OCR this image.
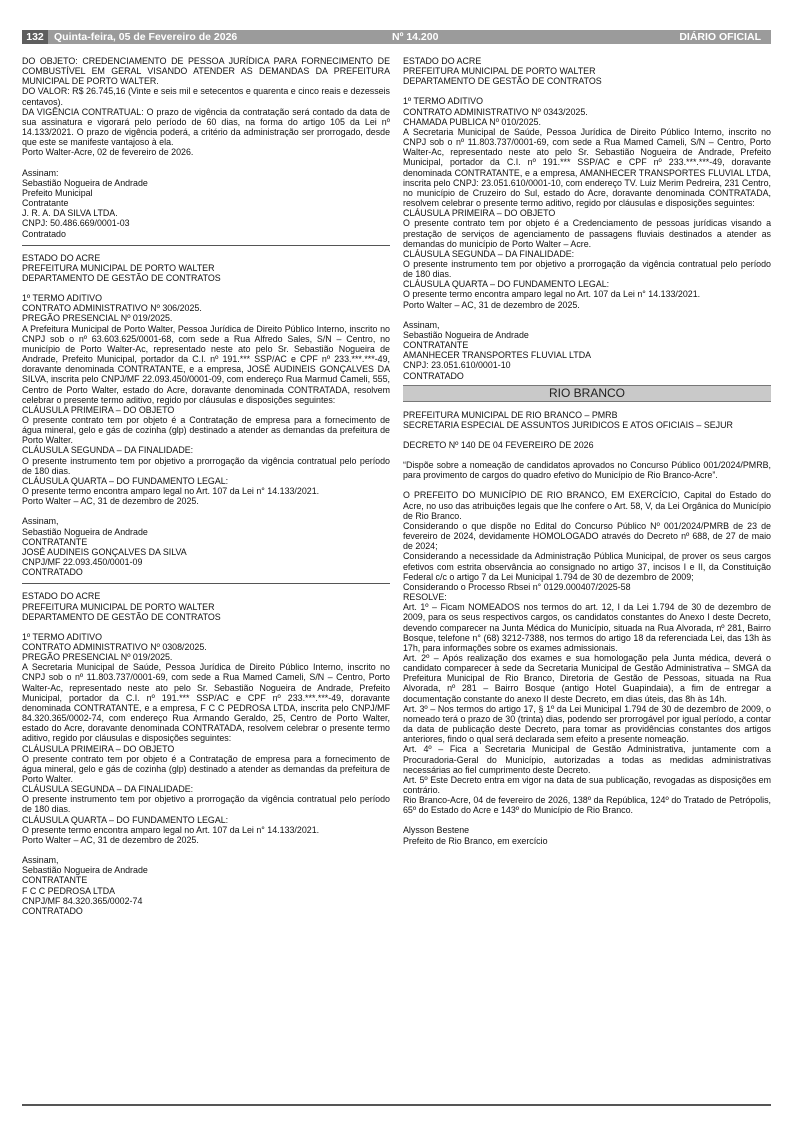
132 Quinta-feira, 05 de Fevereiro de 2026	Nº 14.200	DIÁRIO OFICIAL

DO OBJETO: CREDENCIAMENTO DE PESSOA JURÍDICA PARA FORNECIMENTO DE COMBUSTÍVEL EM GERAL VISANDO ATENDER AS DEMANDAS DA PREFEITURA MUNICIPAL DE PORTO WALTER.

DO VALOR: R$ 26.745,16 (Vinte e seis mil e setecentos e quarenta e cinco reais e dezesseis centavos).

DA VIGÊNCIA CONTRATUAL: O prazo de vigência da contratação será contado da data de sua assinatura e vigorará pelo período de 60 dias, na forma do artigo 105 da Lei nº 14.133/2021. O prazo de vigência poderá, a critério da administração ser prorrogado, desde que este se manifeste vantajoso à ela.

Porto Walter-Acre, 02 de fevereiro de 2026.

Assinam:

Sebastião Nogueira de Andrade

Prefeito Municipal

Contratante

J. R. A. DA SILVA LTDA.

CNPJ: 50.486.669/0001-03

Contratado

ESTADO DO ACRE

PREFEITURA MUNICIPAL DE PORTO WALTER

DEPARTAMENTO DE GESTÃO DE CONTRATOS

1º TERMO ADITIVO

CONTRATO ADMINISTRATIVO Nº 306/2025.

PREGÃO PRESENCIAL Nº 019/2025.

A Prefeitura Municipal de Porto Walter, Pessoa Jurídica de Direito Público Interno, inscrito no CNPJ sob o nº 63.603.625/0001-68, com sede a Rua Alfredo Sales, S/N – Centro, no município de Porto Walter-Ac, representado neste ato pelo Sr. Sebastião Nogueira de Andrade, Prefeito Municipal, portador da C.I. nº 191.*** SSP/AC e CPF nº 233.***.***-49, doravante denominada CONTRATANTE, e a empresa, JOSÉ AUDINEIS GONÇALVES DA SILVA, inscrita pelo CNPJ/MF 22.093.450/0001-09, com endereço Rua Marmud Cameli, 555, Centro de Porto Walter, estado do Acre, doravante denominada CONTRATADA, resolvem celebrar o presente termo aditivo, regido por cláusulas e disposições seguintes:

CLÁUSULA PRIMEIRA – DO OBJETO

O presente contrato tem por objeto é a Contratação de empresa para a fornecimento de água mineral, gelo e gás de cozinha (glp) destinado a atender as demandas da prefeitura de Porto Walter.

CLÁUSULA SEGUNDA – DA FINALIDADE:

O presente instrumento tem por objetivo a prorrogação da vigência contratual pelo período de 180 dias.

CLÁUSULA QUARTA – DO FUNDAMENTO LEGAL:

O presente termo encontra amparo legal no Art. 107 da Lei n° 14.133/2021.

Porto Walter – AC, 31 de dezembro de 2025.

Assinam,

Sebastião Nogueira de Andrade

CONTRATANTE

JOSÉ AUDINEIS GONÇALVES DA SILVA

CNPJ/MF 22.093.450/0001-09

CONTRATADO

ESTADO DO ACRE

PREFEITURA MUNICIPAL DE PORTO WALTER

DEPARTAMENTO DE GESTÃO DE CONTRATOS

1º TERMO ADITIVO

CONTRATO ADMINISTRATIVO Nº 0308/2025.

PREGÃO PRESENCIAL Nº 019/2025.

A Secretaria Municipal de Saúde, Pessoa Jurídica de Direito Público Interno, inscrito no CNPJ sob o nº 11.803.737/0001-69, com sede a Rua Mamed Cameli, S/N – Centro, Porto Walter-Ac, representado neste ato pelo Sr. Sebastião Nogueira de Andrade, Prefeito Municipal, portador da C.I. nº 191.*** SSP/AC e CPF nº 233.***.***-49, doravante denominada CONTRATANTE, e a empresa, F C C PEDROSA LTDA, inscrita pelo CNPJ/MF 84.320.365/0002-74, com endereço Rua Armando Geraldo, 25, Centro de Porto Walter, estado do Acre, doravante denominada CONTRATADA, resolvem celebrar o presente termo aditivo, regido por cláusulas e disposições seguintes:

CLÁUSULA PRIMEIRA – DO OBJETO

O presente contrato tem por objeto é a Contratação de empresa para a fornecimento de água mineral, gelo e gás de cozinha (glp) destinado a atender as demandas da prefeitura de Porto Walter.

CLÁUSULA SEGUNDA – DA FINALIDADE:

O presente instrumento tem por objetivo a prorrogação da vigência contratual pelo período de 180 dias.

CLÁUSULA QUARTA – DO FUNDAMENTO LEGAL:

O presente termo encontra amparo legal no Art. 107 da Lei n° 14.133/2021.

Porto Walter – AC, 31 de dezembro de 2025.

Assinam,

Sebastião Nogueira de Andrade

CONTRATANTE

F C C PEDROSA LTDA

CNPJ/MF 84.320.365/0002-74

CONTRATADO

ESTADO DO ACRE

PREFEITURA MUNICIPAL DE PORTO WALTER

DEPARTAMENTO DE GESTÃO DE CONTRATOS

1º TERMO ADITIVO

CONTRATO ADMINISTRATIVO Nº 0343/2025.

CHAMADA PUBLICA Nº 010/2025.

A Secretaria Municipal de Saúde, Pessoa Jurídica de Direito Público Interno, inscrito no CNPJ sob o nº 11.803.737/0001-69, com sede a Rua Mamed Cameli, S/N – Centro, Porto Walter-Ac, representado neste ato pelo Sr. Sebastião Nogueira de Andrade, Prefeito Municipal, portador da C.I. nº 191.*** SSP/AC e CPF nº 233.***.***-49, doravante denominada CONTRATANTE, e a empresa, AMANHECER TRANSPORTES FLUVIAL LTDA, inscrita pelo CNPJ: 23.051.610/0001-10, com endereço TV. Luiz Merim Pedreira, 231 Centro, no município de Cruzeiro do Sul, estado do Acre, doravante denominada CONTRATADA, resolvem celebrar o presente termo aditivo, regido por cláusulas e disposições seguintes:

CLÁUSULA PRIMEIRA – DO OBJETO

O presente contrato tem por objeto é a Credenciamento de pessoas jurídicas visando a prestação de serviços de agenciamento de passagens fluviais destinados a atender as demandas do município de Porto Walter – Acre.

CLÁUSULA SEGUNDA – DA FINALIDADE:

O presente instrumento tem por objetivo a prorrogação da vigência contratual pelo período de 180 dias.

CLÁUSULA QUARTA – DO FUNDAMENTO LEGAL:

O presente termo encontra amparo legal no Art. 107 da Lei n° 14.133/2021.

Porto Walter – AC, 31 de dezembro de 2025.

Assinam,

Sebastião Nogueira de Andrade

CONTRATANTE

AMANHECER TRANSPORTES FLUVIAL LTDA

CNPJ: 23.051.610/0001-10

CONTRATADO

RIO BRANCO

PREFEITURA MUNICIPAL DE RIO BRANCO – PMRB

SECRETARIA ESPECIAL DE ASSUNTOS JURIDICOS E ATOS OFICIAIS – SEJUR

DECRETO Nº 140 DE 04 FEVEREIRO DE 2026

“Dispõe sobre a nomeação de candidatos aprovados no Concurso Público 001/2024/PMRB, para provimento de cargos do quadro efetivo do Município de Rio Branco-Acre”.

O PREFEITO DO MUNICÍPIO DE RIO BRANCO, EM EXERCÍCIO, Capital do Estado do Acre, no uso das atribuições legais que lhe confere o Art. 58, V, da Lei Orgânica do Município de Rio Branco.

Considerando o que dispõe no Edital do Concurso Público Nº 001/2024/PMRB de 23 de fevereiro de 2024, devidamente HOMOLOGADO através do Decreto nº 688, de 27 de maio de 2024;

Considerando a necessidade da Administração Pública Municipal, de prover os seus cargos efetivos com estrita observância ao consignado no artigo 37, incisos I e II, da Constituição Federal c/c o artigo 7 da Lei Municipal 1.794 de 30 de dezembro de 2009;

Considerando o Processo Rbsei n° 0129.000407/2025-58

RESOLVE:

Art. 1º – Ficam NOMEADOS nos termos do art. 12, I da Lei 1.794 de 30 de dezembro de 2009, para os seus respectivos cargos, os candidatos constantes do Anexo I deste Decreto, devendo comparecer na Junta Médica do Município, situada na Rua Alvorada, nº 281, Bairro Bosque, telefone n° (68) 3212-7388, nos termos do artigo 18 da referenciada Lei, das 13h às 17h, para informações sobre os exames admissionais.

Art. 2º – Após realização dos exames e sua homologação pela Junta médica, deverá o candidato comparecer à sede da Secretaria Municipal de Gestão Administrativa – SMGA da Prefeitura Municipal de Rio Branco, Diretoria de Gestão de Pessoas, situada na Rua Alvorada, nº 281 – Bairro Bosque (antigo Hotel Guapindaia), a fim de entregar a documentação constante do anexo II deste Decreto, em dias úteis, das 8h às 14h.

Art. 3º – Nos termos do artigo 17, § 1º da Lei Municipal 1.794 de 30 de dezembro de 2009, o nomeado terá o prazo de 30 (trinta) dias, podendo ser prorrogável por igual período, a contar da data de publicação deste Decreto, para tomar as providências constantes dos artigos anteriores, findo o qual será declarada sem efeito a presente nomeação.

Art. 4º – Fica a Secretaria Municipal de Gestão Administrativa, juntamente com a Procuradoria-Geral do Município, autorizadas a todas as medidas administrativas necessárias ao fiel cumprimento deste Decreto.

Art. 5º Este Decreto entra em vigor na data de sua publicação, revogadas as disposições em contrário.

Rio Branco-Acre, 04 de fevereiro de 2026, 138º da República, 124º do Tratado de Petrópolis, 65º do Estado do Acre e 143º do Município de Rio Branco.

Alysson Bestene

Prefeito de Rio Branco, em exercício
